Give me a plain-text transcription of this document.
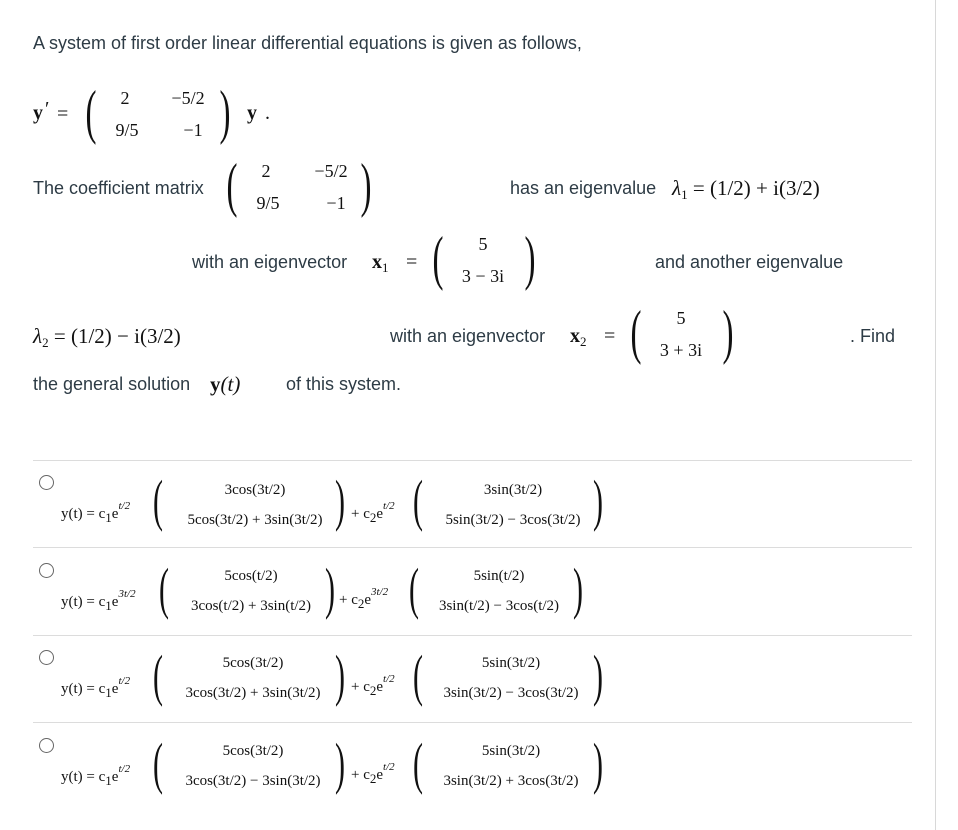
A system of first order linear differential equations is given as follows,
y ′ = (	2	−5/2
9/5	−1 ) y .
The coefficient matrix (	2	−5/2
9/5	−1 )	has an eigenvalue $\lambda_1 = (1/2) + i(3/2)$
with an eigenvector $x_1$ = (	5
3 − 3i )	and another eigenvalue
$\lambda_2 = (1/2) - i(3/2)$	with an eigenvector $x_2$ = (	5
3 + 3i )	. Find
the general solution y(t)	of this system.
$y(t) = c1e^{t/2}$ (	3cos(3t/2)
5cos(3t/2) + 3sin(3t/2) ) + $c2e^{t/2}$ (	3sin(3t/2)
5sin(3t/2) − 3cos(3t/2) )
$y(t) = c1e^{3t/2}$ (	5cos(t/2)
3cos(t/2) + 3sin(t/2) ) + $c2e^{3t/2}$ (	5sin(t/2)
3sin(t/2) − 3cos(t/2) )
$y(t) = c1e^{t/2}$ (	5cos(3t/2)
3cos(3t/2) + 3sin(3t/2) ) + $c2e^{t/2}$ (	5sin(3t/2)
3sin(3t/2) − 3cos(3t/2) )
$y(t) = c1e^{t/2}$ (	5cos(3t/2)
3cos(3t/2) − 3sin(3t/2) ) + $c2e^{t/2}$ (	5sin(3t/2)
3sin(3t/2) + 3cos(3t/2) )
